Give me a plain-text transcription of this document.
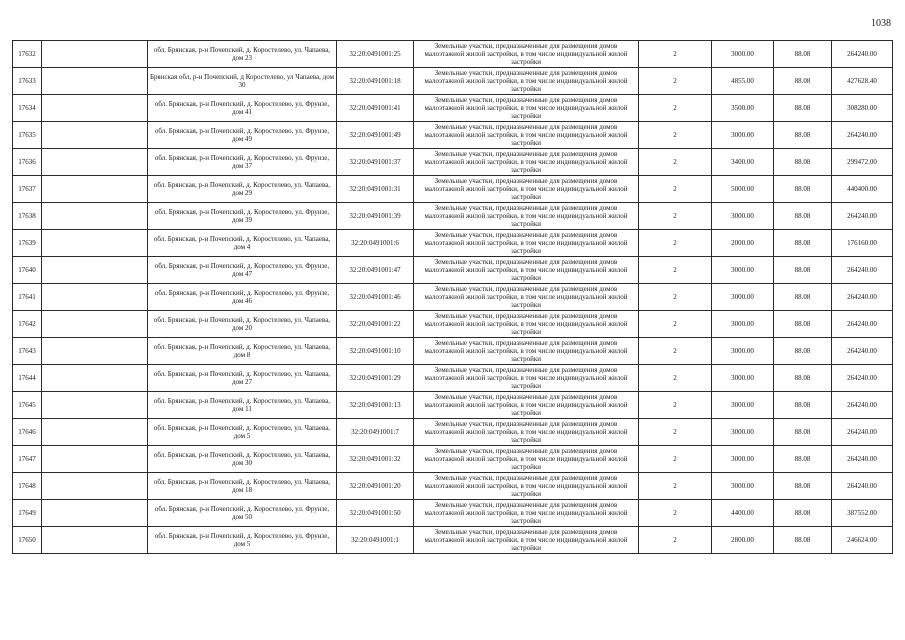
1038
17632		обл. Брянская, р-н Почепский, д. Коростелево, ул. Чапаева, дом 23	32:20:0491001:25	Земельные участки, предназначенные для размещения домов малоэтажной жилой застройки, в том числе индивидуальной жилой застройки	2	3000.00	88.08	264240.00
17633		Брянская обл, р-н Почепский, д Коростелево, ул Чапаева, дом 30	32:20:0491001:18	Земельные участки, предназначенные для размещения домов малоэтажной жилой застройки, в том числе индивидуальной жилой застройки	2	4855.00	88.08	427628.40
17634		обл. Брянская, р-н Почепский, д. Коростелево, ул. Фрунзе, дом 41	32:20:0491001:41	Земельные участки, предназначенные для размещения домов малоэтажной жилой застройки, в том числе индивидуальной жилой застройки	2	3500.00	88.08	308280.00
17635		обл. Брянская, р-н Почепский, д. Коростелево, ул. Фрунзе, дом 49	32:20:0491001:49	Земельные участки, предназначенные для размещения домов малоэтажной жилой застройки, в том числе индивидуальной жилой застройки	2	3000.00	88.08	264240.00
17636		обл. Брянская, р-н Почепский, д. Коростелево, ул. Фрунзе, дом 37	32:20:0491001:37	Земельные участки, предназначенные для размещения домов малоэтажной жилой застройки, в том числе индивидуальной жилой застройки	2	3400.00	88.08	299472.00
17637		обл. Брянская, р-н Почепский, д. Коростелево, ул. Чапаева, дом 29	32:20:0491001:31	Земельные участки, предназначенные для размещения домов малоэтажной жилой застройки, в том числе индивидуальной жилой застройки	2	5000.00	88.08	440400.00
17638		обл. Брянская, р-н Почепский, д. Коростелево, ул. Фрунзе, дом 39	32:20:0491001:39	Земельные участки, предназначенные для размещения домов малоэтажной жилой застройки, в том числе индивидуальной жилой застройки	2	3000.00	88.08	264240.00
17639		обл. Брянская, р-н Почепский, д. Коростелево, ул. Чапаева, дом 4	32:20:0491001:6	Земельные участки, предназначенные для размещения домов малоэтажной жилой застройки, в том числе индивидуальной жилой застройки	2	2000.00	88.08	176160.00
17640		обл. Брянская, р-н Почепский, д. Коростелево, ул. Фрунзе, дом 47	32:20:0491001:47	Земельные участки, предназначенные для размещения домов малоэтажной жилой застройки, в том числе индивидуальной жилой застройки	2	3000.00	88.08	264240.00
17641		обл. Брянская, р-н Почепский, д. Коростелево, ул. Фрунзе, дом 46	32:20:0491001:46	Земельные участки, предназначенные для размещения домов малоэтажной жилой застройки, в том числе индивидуальной жилой застройки	2	3000.00	88.08	264240.00
17642		обл. Брянская, р-н Почепский, д. Коростелево, ул. Чапаева, дом 20	32:20:0491001:22	Земельные участки, предназначенные для размещения домов малоэтажной жилой застройки, в том числе индивидуальной жилой застройки	2	3000.00	88.08	264240.00
17643		обл. Брянская, р-н Почепский, д. Коростелево, ул. Чапаева, дом 8	32:20:0491001:10	Земельные участки, предназначенные для размещения домов малоэтажной жилой застройки, в том числе индивидуальной жилой застройки	2	3000.00	88.08	264240.00
17644		обл. Брянская, р-н Почепский, д. Коростелево, ул. Чапаева, дом 27	32:20:0491001:29	Земельные участки, предназначенные для размещения домов малоэтажной жилой застройки, в том числе индивидуальной жилой застройки	2	3000.00	88.08	264240.00
17645		обл. Брянская, р-н Почепский, д. Коростелево, ул. Чапаева, дом 11	32:20:0491001:13	Земельные участки, предназначенные для размещения домов малоэтажной жилой застройки, в том числе индивидуальной жилой застройки	2	3000.00	88.08	264240.00
17646		обл. Брянская, р-н Почепский, д. Коростелево, ул. Чапаева, дом 5	32:20:0491001:7	Земельные участки, предназначенные для размещения домов малоэтажной жилой застройки, в том числе индивидуальной жилой застройки	2	3000.00	88.08	264240.00
17647		обл. Брянская, р-н Почепский, д. Коростелево, ул. Чапаева, дом 30	32:20:0491001:32	Земельные участки, предназначенные для размещения домов малоэтажной жилой застройки, в том числе индивидуальной жилой застройки	2	3000.00	88.08	264240.00
17648		обл. Брянская, р-н Почепский, д. Коростелево, ул. Чапаева, дом 18	32:20:0491001:20	Земельные участки, предназначенные для размещения домов малоэтажной жилой застройки, в том числе индивидуальной жилой застройки	2	3000.00	88.08	264240.00
17649		обл. Брянская, р-н Почепский, д. Коростелево, ул. Фрунзе, дом 50	32:20:0491001:50	Земельные участки, предназначенные для размещения домов малоэтажной жилой застройки, в том числе индивидуальной жилой застройки	2	4400.00	88.08	387552.00
17650		обл. Брянская, р-н Почепский, д. Коростелево, ул. Фрунзе, дом 5	32:20:0491001:1	Земельные участки, предназначенные для размещения домов малоэтажной жилой застройки, в том числе индивидуальной жилой застройки	2	2800.00	88.08	246624.00
